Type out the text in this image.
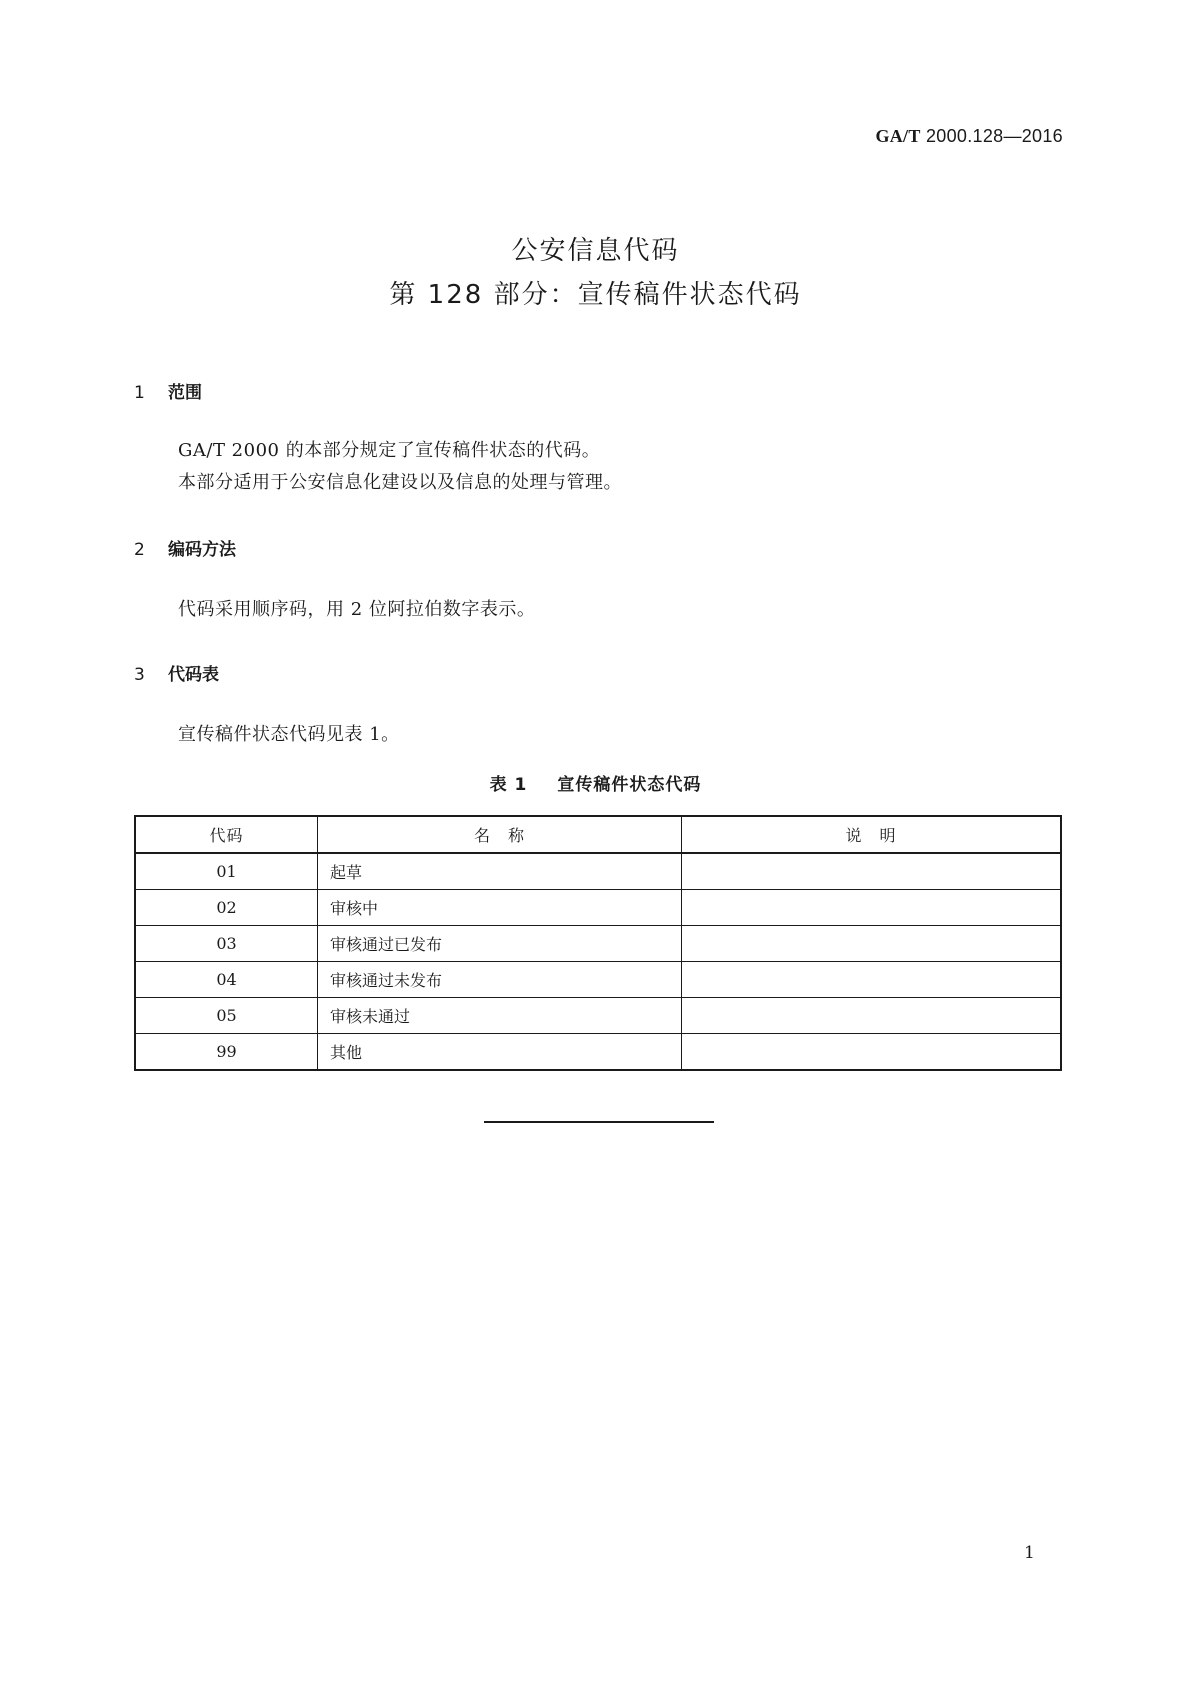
GA/T 2000.128—2016
公安信息代码
第 128 部分：宣传稿件状态代码
1 范围
GA/T 2000 的本部分规定了宣传稿件状态的代码。
本部分适用于公安信息化建设以及信息的处理与管理。
2 编码方法
代码采用顺序码，用 2 位阿拉伯数字表示。
3 代码表
宣传稿件状态代码见表 1。
表 1 宣传稿件状态代码
代码	名　称	说　明
01	起草	
02	审核中	
03	审核通过已发布	
04	审核通过未发布	
05	审核未通过	
99	其他	
1
